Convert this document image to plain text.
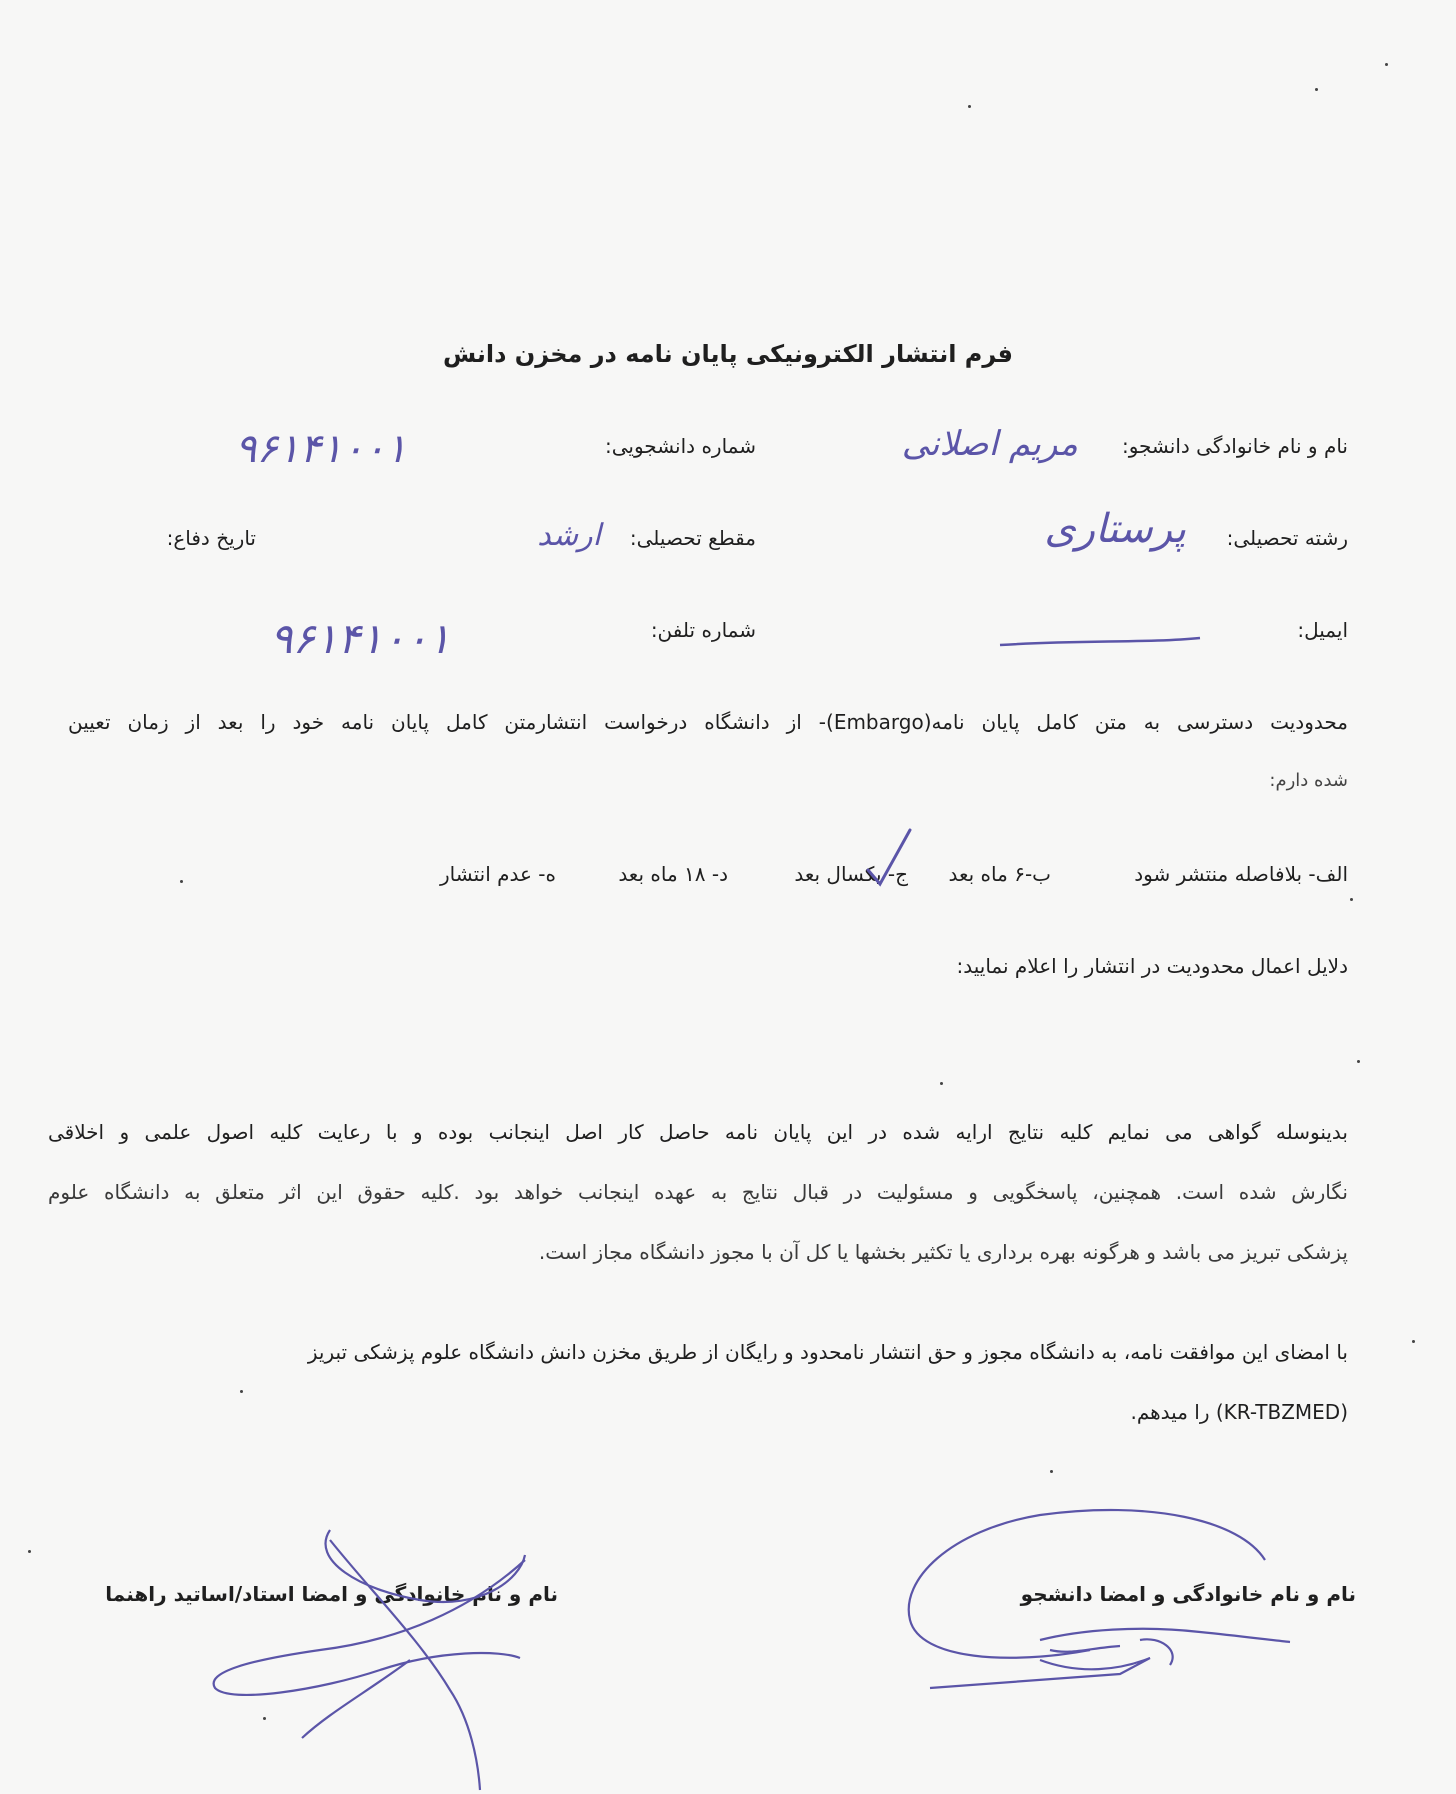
فرم انتشار الکترونیکی پایان نامه در مخزن دانش
نام و نام خانوادگی دانشجو:
مریم اصلانی
شماره دانشجویی:
۹۶۱۴۱۰۰۱
رشته تحصیلی:
پرستاری
مقطع تحصیلی:
ارشد
تاریخ دفاع:
ایمیل:
شماره تلفن:
۹۶۱۴۱۰۰۱
محدودیت دسترسی به متن کامل پایان نامه(Embargo)- از دانشگاه درخواست انتشارمتن کامل پایان نامه خود را بعد از زمان تعیین
شده دارم:
الف- بلافاصله منتشر شود
ب-۶ ماه بعد
ج- یکسال بعد
د- ۱۸ ماه بعد
ه- عدم انتشار
دلایل اعمال محدودیت در انتشار را اعلام نمایید:
بدینوسله گواهی می نمایم کلیه نتایج ارایه شده در این پایان نامه حاصل کار اصل اینجانب بوده و با رعایت کلیه اصول علمی و اخلاقی
نگارش شده است. همچنین، پاسخگویی و مسئولیت در قبال نتایج به عهده اینجانب خواهد بود .کلیه حقوق این اثر متعلق به دانشگاه علوم
پزشکی تبریز می باشد و هرگونه بهره برداری یا تکثیر بخشها یا کل آن با مجوز دانشگاه مجاز است.
با امضای این موافقت نامه، به دانشگاه مجوز و حق انتشار نامحدود و رایگان از طریق مخزن دانش دانشگاه علوم پزشکی تبریز
(KR-TBZMED) را میدهم.
نام و نام خانوادگی و امضا دانشجو
نام و نام خانوادگی و امضا استاد/اساتید راهنما
